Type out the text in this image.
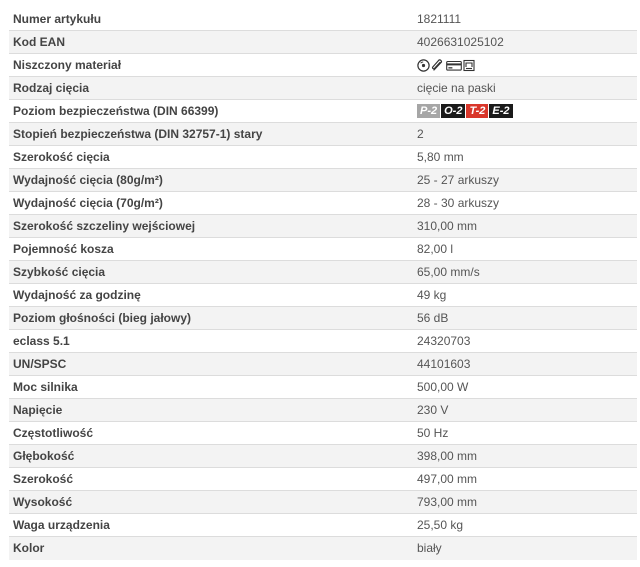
Numer artykułu	1821111
Kod EAN	4026631025102
Niszczony materiał
Rodzaj cięcia	cięcie na paski
Poziom bezpieczeństwa (DIN 66399)	P-2 O-2 T-2 E-2
Stopień bezpieczeństwa (DIN 32757-1) stary	2
Szerokość cięcia	5,80 mm
Wydajność cięcia (80g/m²)	25 - 27 arkuszy
Wydajność cięcia (70g/m²)	28 - 30 arkuszy
Szerokość szczeliny wejściowej	310,00 mm
Pojemność kosza	82,00 l
Szybkość cięcia	65,00 mm/s
Wydajność za godzinę	49 kg
Poziom głośności (bieg jałowy)	56 dB
eclass 5.1	24320703
UN/SPSC	44101603
Moc silnika	500,00 W
Napięcie	230 V
Częstotliwość	50 Hz
Głębokość	398,00 mm
Szerokość	497,00 mm
Wysokość	793,00 mm
Waga urządzenia	25,50 kg
Kolor	biały
